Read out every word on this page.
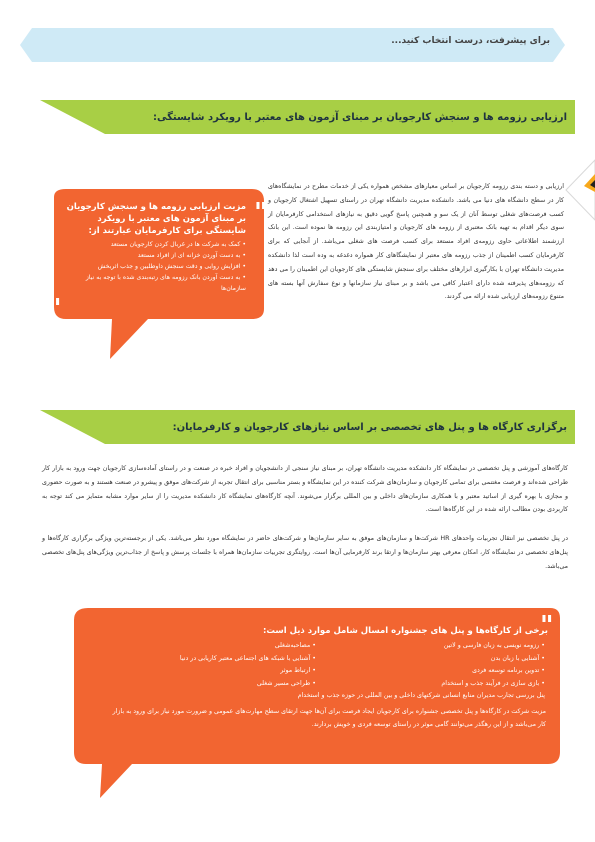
برای پیشرفت، درست انتخاب کنید...
ارزیابی رزومه ها و سنجش کارجویان بر مبنای آزمون های معتبر با رویکرد شایستگی:
ارزیابی و دسته بندی رزومه کارجویان بر اساس معیارهای مشخص همواره یکی از خدمات مطرح در نمایشگاه‌های کار در سطح دانشگاه های دنیا می باشد. دانشکده مدیریت دانشگاه تهران در راستای تسهیل اشتغال کارجویان و کسب فرصت‌های شغلی توسط آنان از یک سو و همچنین پاسخ گویی دقیق به نیازهای استخدامی کارفرمایان از سوی دیگر اقدام به تهیه بانک معتبری از رزومه های کارجویان و امتیازبندی این رزومه ها نموده است. این بانک ارزشمند اطلاعاتی حاوی رزومه‌ی افراد مستعد برای کسب فرصت‌ های شغلی می‌باشد. از آنجایی که برای کارفرمایان کسب اطمینان از جذب رزومه های معتبر از نمایشگاهای کار همواره دغدغه به وده است لذا دانشکده مدیریت دانشگاه تهران با بکارگیری ابزارهای مختلف برای سنجش شایستگی های کارجویان این اطمینان را می دهد که رزومه‌های پذیرفته شده دارای اعتبار کافی می باشد و بر مبنای نیاز سازمانها و نوع سفارش آنها بسته های متنوع رزومه‌های ارزیابی شده ارائه می گردند.
"
"
مزیت ارزیابی رزومه ها و سنجش کارجویان بر مبنای آزمون های معتبر با رویکرد شایستگی برای کارفرمایان عبارتند از:
• کمک به شرکت ها در غربال کردن کارجویان مستعد
• به دست آوردن خزانه ای از افراد مستعد
• افزایش روایی و دقت سنجش داوطلبین و جذب اثربخش
• به دست آوردن بانک رزومه های رتبه‌بندی شده با توجه به نیاز سازمان‌ها
برگزاری کارگاه ها و پنل های تخصصی بر اساس نیازهای کارجویان و کارفرمایان:
کارگاه‌های آموزشی و پنل تخصصی در نمایشگاه کار دانشکده مدیریت دانشگاه تهران، بر مبنای نیاز سنجی از دانشجویان و افراد خبره در صنعت و در راستای آماده‌سازی کارجویان جهت ورود به بازار کار طراحی شده‌اند و فرصت مغتنمی برای تمامی کارجویان و سازمان‌های شرکت کننده در این نمایشگاه و بستر مناسبی برای انتقال تجربه از شرکت‌های موفق و پیشرو در صنعت هستند و به صورت حضوری و مجازی با بهره گیری از اساتید معتبر و با همکاری سازمان‌های داخلی و بین المللی برگزار می‌شوند. آنچه کارگاه‌های نمایشگاه کار دانشکده مدیریت را از سایر موارد مشابه متمایز می کند توجه به کاربردی بودن مطالب ارائه شده در این کارگاه‌ها است.
در پنل تخصصی نیز انتقال تجربیات واحدهای HR شرکت‌ها و سازمان‌های موفق به سایر سازمان‌ها و شرکت‌های حاضر در نمایشگاه مورد نظر می‌باشد. یکی از برجسته‌ترین ویژگی برگزاری کارگاه‌ها و پنل‌های تخصصی در نمایشگاه کار، امکان معرفی بهتر سازمان‌ها و ارتقا برند کارفرمایی آن‌ها است. روایتگری تجربیات سازمان‌ها همراه با جلسات پرسش و پاسخ از جذاب‌ترین ویژگی‌های پنل‌های تخصصی می‌باشد.
"
"
برخی از کارگاه‌ها و پنل های جشنواره امسال شامل موارد ذیل است:
• رزومه نویسی به زبان فارسی و لاتین
• آشنایی با زبان بدن
• تدوین برنامه توسعه فردی
• بازی سازی در فرآیند جذب و استخدام
• مصاحبه‌شغلی
• آشنایی با شبکه های اجتماعی معتبر کاریابی در دنیا
• ارتباط موثر
• طراحی مسیر شغلی
پنل بررسی تجارب مدیران منابع انسانی شرکتهای داخلی و بین المللی در حوزه جذب و استخدام
مزیت شرکت در کارگاه‌ها و پنل تخصصی جشنواره برای کارجویان ایجاد فرصت برای آن‌ها جهت ارتقای سطح مهارت‌های عمومی و ضرورت مورد نیاز برای ورود به بازار کار می‌باشد و از این رهگذر می‌توانند گامی موثر در راستای توسعه فردی و خویش بردارند.
